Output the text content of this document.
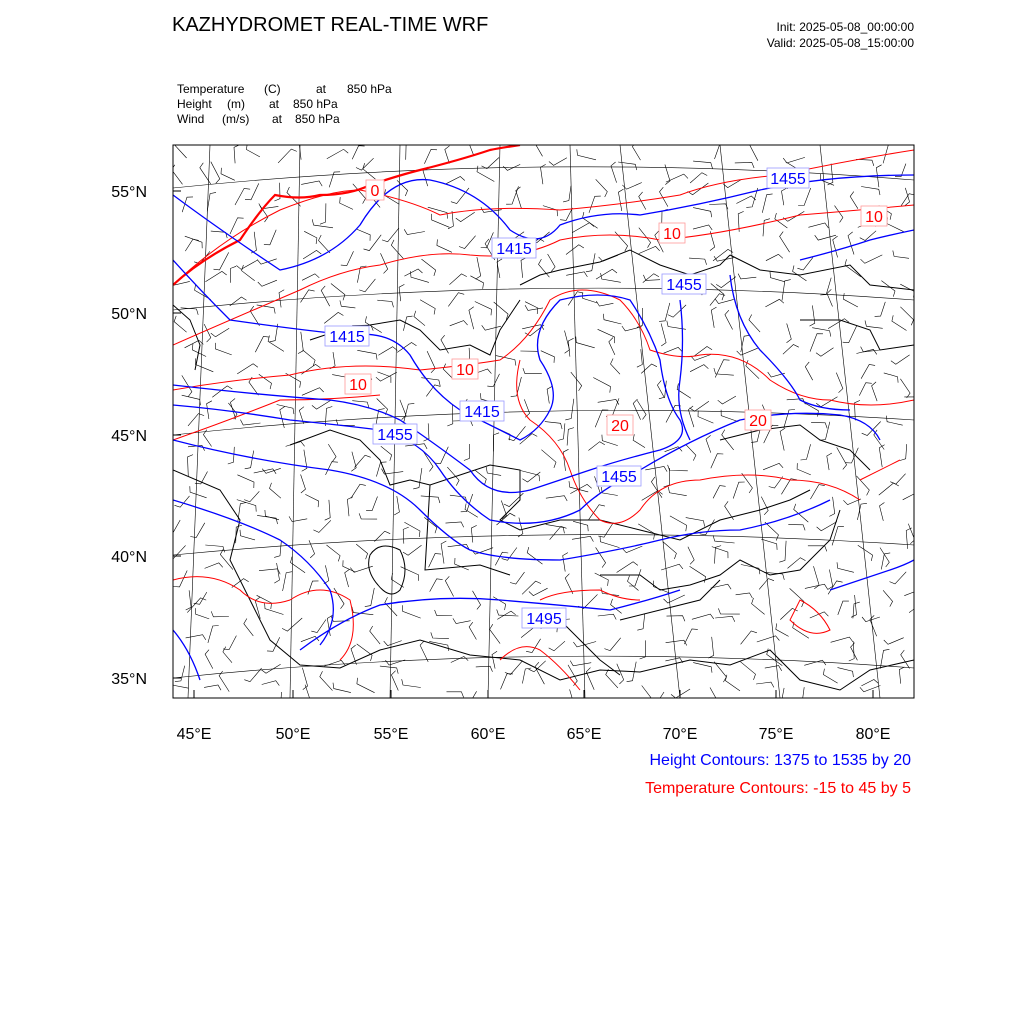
KAZHYDROMET REAL-TIME WRF	Init: 2025-05-08_00:00:00
Valid: 2025-05-08_15:00:00
Temperature (C)	at 850 hPa
Height (m) at 850 hPa
Wind (m/s) at 850 hPa
1455
1415
1455
1415
1415
1455
1455
1495
0
10
10
10
10
20
20
55°N
50°N
45°N
40°N
35°N
45°E	50°E	55°E	60°E	65°E	70°E	75°E	80°E
Height Contours: 1375 to 1535 by 20
Temperature Contours: -15 to 45 by 5
